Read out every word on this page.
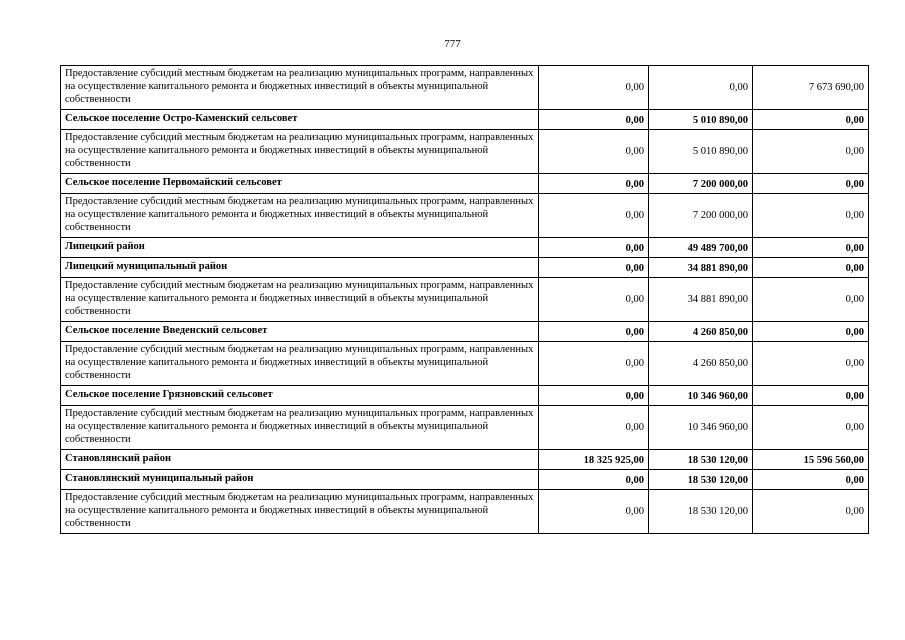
777
Предоставление субсидий местным бюджетам на реализацию муниципальных программ, направленных на осуществление капитального ремонта и бюджетных инвестиций в объекты муниципальной собственности	0,00	0,00	7 673 690,00
Сельское поселение Остро-Каменский сельсовет	0,00	5 010 890,00	0,00
Предоставление субсидий местным бюджетам на реализацию муниципальных программ, направленных на осуществление капитального ремонта и бюджетных инвестиций в объекты муниципальной собственности	0,00	5 010 890,00	0,00
Сельское поселение Первомайский сельсовет	0,00	7 200 000,00	0,00
Предоставление субсидий местным бюджетам на реализацию муниципальных программ, направленных на осуществление капитального ремонта и бюджетных инвестиций в объекты муниципальной собственности	0,00	7 200 000,00	0,00
Липецкий район	0,00	49 489 700,00	0,00
Липецкий муниципальный район	0,00	34 881 890,00	0,00
Предоставление субсидий местным бюджетам на реализацию муниципальных программ, направленных на осуществление капитального ремонта и бюджетных инвестиций в объекты муниципальной собственности	0,00	34 881 890,00	0,00
Сельское поселение Введенский сельсовет	0,00	4 260 850,00	0,00
Предоставление субсидий местным бюджетам на реализацию муниципальных программ, направленных на осуществление капитального ремонта и бюджетных инвестиций в объекты муниципальной собственности	0,00	4 260 850,00	0,00
Сельское поселение Грязновский сельсовет	0,00	10 346 960,00	0,00
Предоставление субсидий местным бюджетам на реализацию муниципальных программ, направленных на осуществление капитального ремонта и бюджетных инвестиций в объекты муниципальной собственности	0,00	10 346 960,00	0,00
Становлянский район	18 325 925,00	18 530 120,00	15 596 560,00
Становлянский муниципальный район	0,00	18 530 120,00	0,00
Предоставление субсидий местным бюджетам на реализацию муниципальных программ, направленных на осуществление капитального ремонта и бюджетных инвестиций в объекты муниципальной собственности	0,00	18 530 120,00	0,00
